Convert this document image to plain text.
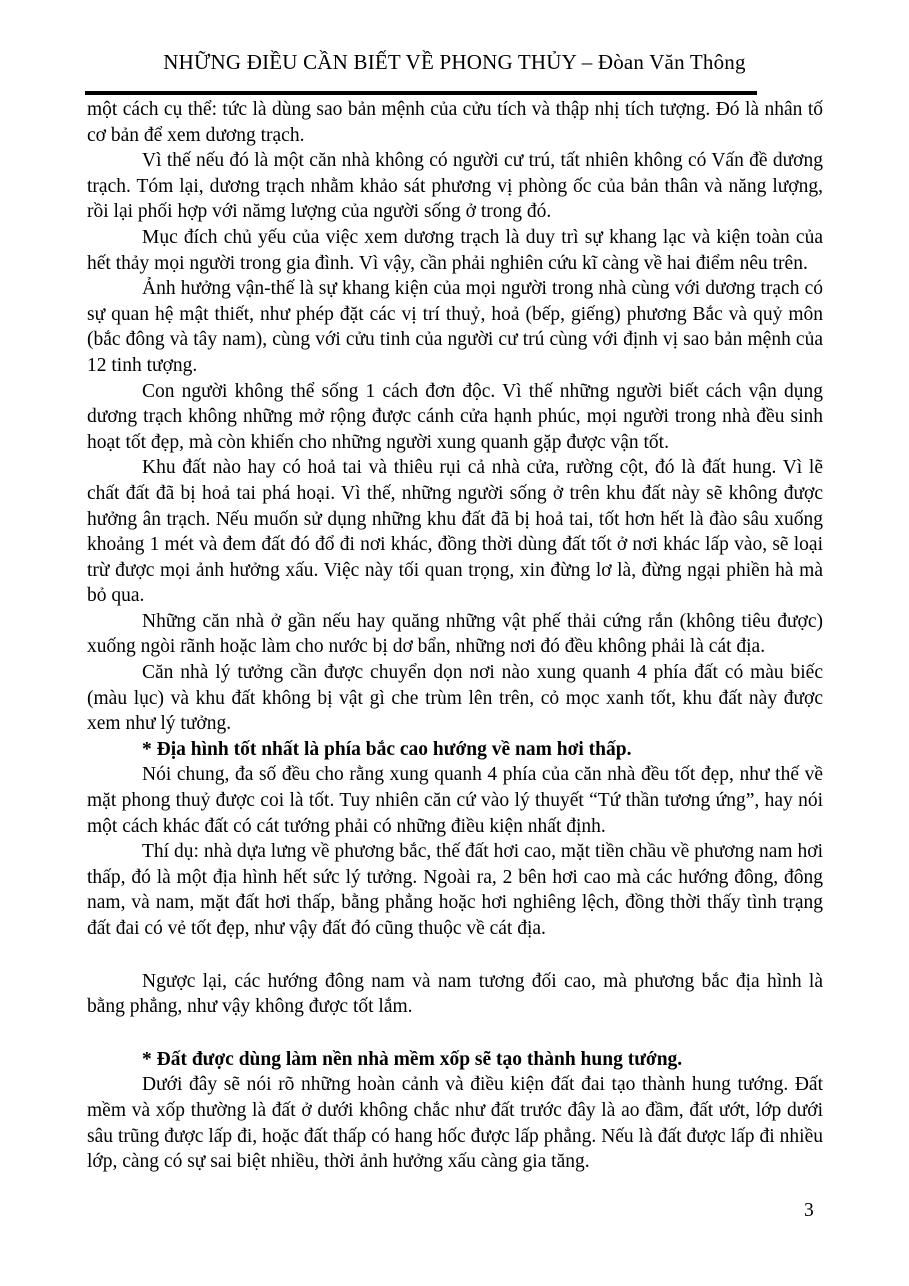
NHỮNG ĐIỀU CẦN BIẾT VỀ PHONG THỦY – Đòan Văn Thông

một cách cụ thể: tức là dùng sao bản mệnh của cửu tích và thập nhị tích tượng. Đó là nhân tố cơ bản để xem dương trạch.

Vì thế nếu đó là một căn nhà không có người cư trú, tất nhiên không có Vấn đề dương trạch. Tóm lại, dương trạch nhằm khảo sát phương vị phòng ốc của bản thân và năng lượng, rồi lại phối hợp với nămg lượng của người sống ở trong đó.

Mục đích chủ yếu của việc xem dương trạch là duy trì sự khang lạc và kiện toàn của hết thảy mọi người trong gia đình. Vì vậy, cần phải nghiên cứu kĩ càng về hai điểm nêu trên.

Ảnh hưởng vận-thế là sự khang kiện của mọi người trong nhà cùng với dương trạch có sự quan hệ mật thiết, như phép đặt các vị trí thuỷ, hoả (bếp, giếng) phương Bắc và quỷ môn (bắc đông và tây nam), cùng với cửu tinh của người cư trú cùng với định vị sao bản mệnh của 12 tinh tượng.

Con người không thể sống 1 cách đơn độc. Vì thế những người biết cách vận dụng dương trạch không những mở rộng được cánh cửa hạnh phúc, mọi người trong nhà đều sinh hoạt tốt đẹp, mà còn khiến cho những người xung quanh gặp được vận tốt.

Khu đất nào hay có hoả tai và thiêu rụi cả nhà cửa, rường cột, đó là đất hung. Vì lẽ chất đất đã bị hoả tai phá hoại. Vì thế, những người sống ở trên khu đất này sẽ không được hưởng ân trạch. Nếu muốn sử dụng những khu đất đã bị hoả tai, tốt hơn hết là đào sâu xuống khoảng 1 mét và đem đất đó đổ đi nơi khác, đồng thời dùng đất tốt ở nơi khác lấp vào, sẽ loại trừ được mọi ảnh hưởng xấu. Việc này tối quan trọng, xin đừng lơ là, đừng ngại phiền hà mà bỏ qua.

Những căn nhà ở gần nếu hay quăng những vật phế thải cứng rắn (không tiêu được) xuống ngòi rãnh hoặc làm cho nước bị dơ bẩn, những nơi đó đều không phải là cát địa.

Căn nhà lý tưởng cần được chuyển dọn nơi nào xung quanh 4 phía đất có màu biếc (màu lục) và khu đất không bị vật gì che trùm lên trên, cỏ mọc xanh tốt, khu đất này được xem như lý tưởng.

* Địa hình tốt nhất là phía bắc cao hướng về nam hơi thấp.

Nói chung, đa số đều cho rằng xung quanh 4 phía của căn nhà đều tốt đẹp, như thế về mặt phong thuỷ được coi là tốt. Tuy nhiên căn cứ vào lý thuyết “Tứ thần tương ứng”, hay nói một cách khác đất có cát tướng phải có những điều kiện nhất định.

Thí dụ: nhà dựa lưng về phương bắc, thế đất hơi cao, mặt tiền chầu về phương nam hơi thấp, đó là một địa hình hết sức lý tưởng. Ngoài ra, 2 bên hơi cao mà các hướng đông, đông nam, và nam, mặt đất hơi thấp, bằng phẳng hoặc hơi nghiêng lệch, đồng thời thấy tình trạng đất đai có vẻ tốt đẹp, như vậy đất đó cũng thuộc về cát địa.

Ngược lại, các hướng đông nam và nam tương đối cao, mà phương bắc địa hình là bằng phẳng, như vậy không được tốt lắm.

* Đất được dùng làm nền nhà mềm xốp sẽ tạo thành hung tướng.

Dưới đây sẽ nói rõ những hoàn cảnh và điều kiện đất đai tạo thành hung tướng. Đất mềm và xốp thường là đất ở dưới không chắc như đất trước đây là ao đầm, đất ướt, lớp dưới sâu trũng được lấp đi, hoặc đất thấp có hang hốc được lấp phẳng. Nếu là đất được lấp đi nhiều lớp, càng có sự sai biệt nhiều, thời ảnh hưởng xấu càng gia tăng.

3
